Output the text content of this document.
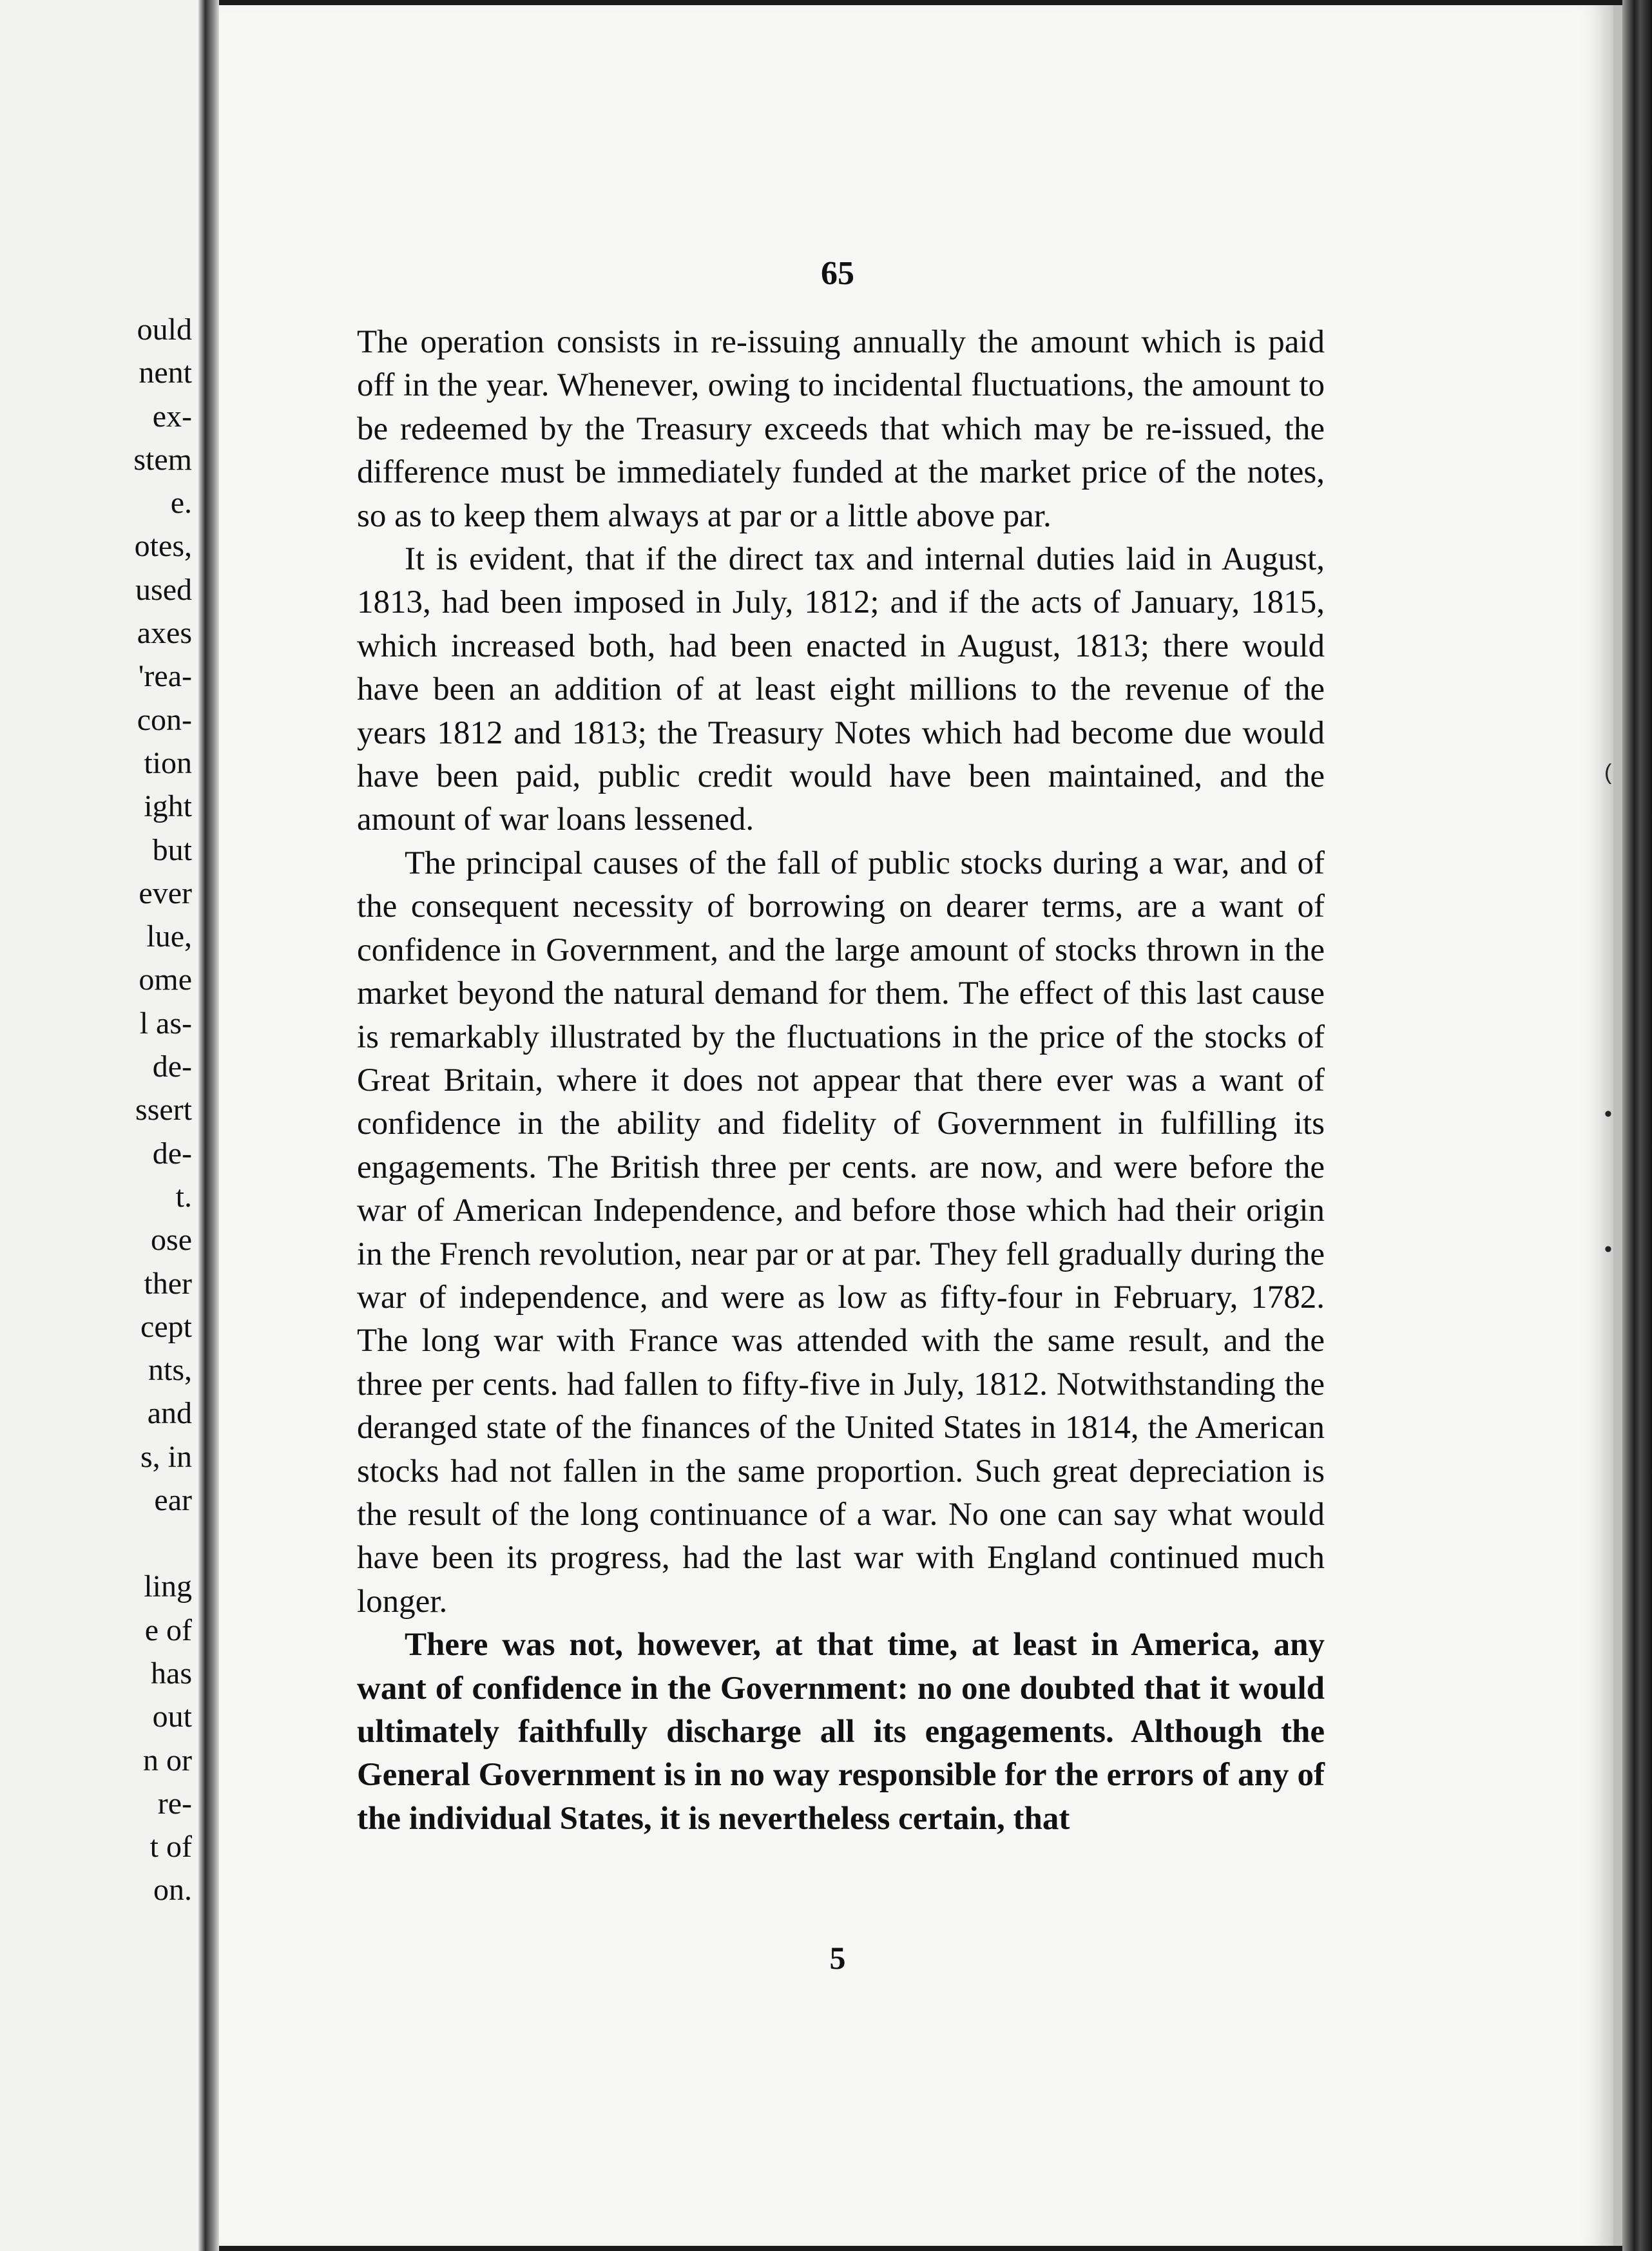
ould
nent
ex-
stem
e.
otes,
used
axes
'rea-
con-
tion
ight
but
ever
lue,
ome
l as-
de-
ssert
de-
t.
ose
ther
cept
nts,
and
s, in
ear
ling
e of
has
out
n or
re-
t of
on.
65

The operation consists in re-issuing annually the amount which is paid off in the year. Whenever, owing to incidental fluctuations, the amount to be redeemed by the Treasury exceeds that which may be re-issued, the difference must be immediately funded at the market price of the notes, so as to keep them always at par or a little above par.

It is evident, that if the direct tax and internal duties laid in August, 1813, had been imposed in July, 1812; and if the acts of January, 1815, which increased both, had been enacted in August, 1813; there would have been an addition of at least eight millions to the revenue of the years 1812 and 1813; the Treasury Notes which had become due would have been paid, public credit would have been maintained, and the amount of war loans lessened.

The principal causes of the fall of public stocks during a war, and of the consequent necessity of borrowing on dearer terms, are a want of confidence in Government, and the large amount of stocks thrown in the market beyond the natural demand for them. The effect of this last cause is remarkably illustrated by the fluctuations in the price of the stocks of Great Britain, where it does not appear that there ever was a want of confidence in the ability and fidelity of Government in fulfilling its engagements. The British three per cents. are now, and were before the war of American Independence, and before those which had their origin in the French revolution, near par or at par. They fell gradually during the war of independence, and were as low as fifty-four in February, 1782. The long war with France was attended with the same result, and the three per cents. had fallen to fifty-five in July, 1812. Notwithstanding the deranged state of the finances of the United States in 1814, the American stocks had not fallen in the same proportion. Such great depreciation is the result of the long continuance of a war. No one can say what would have been its progress, had the last war with England continued much longer.

There was not, however, at that time, at least in America, any want of confidence in the Government: no one doubted that it would ultimately faithfully discharge all its engagements. Although the General Government is in no way responsible for the errors of any of the individual States, it is nevertheless certain, that

5
(
•
•
